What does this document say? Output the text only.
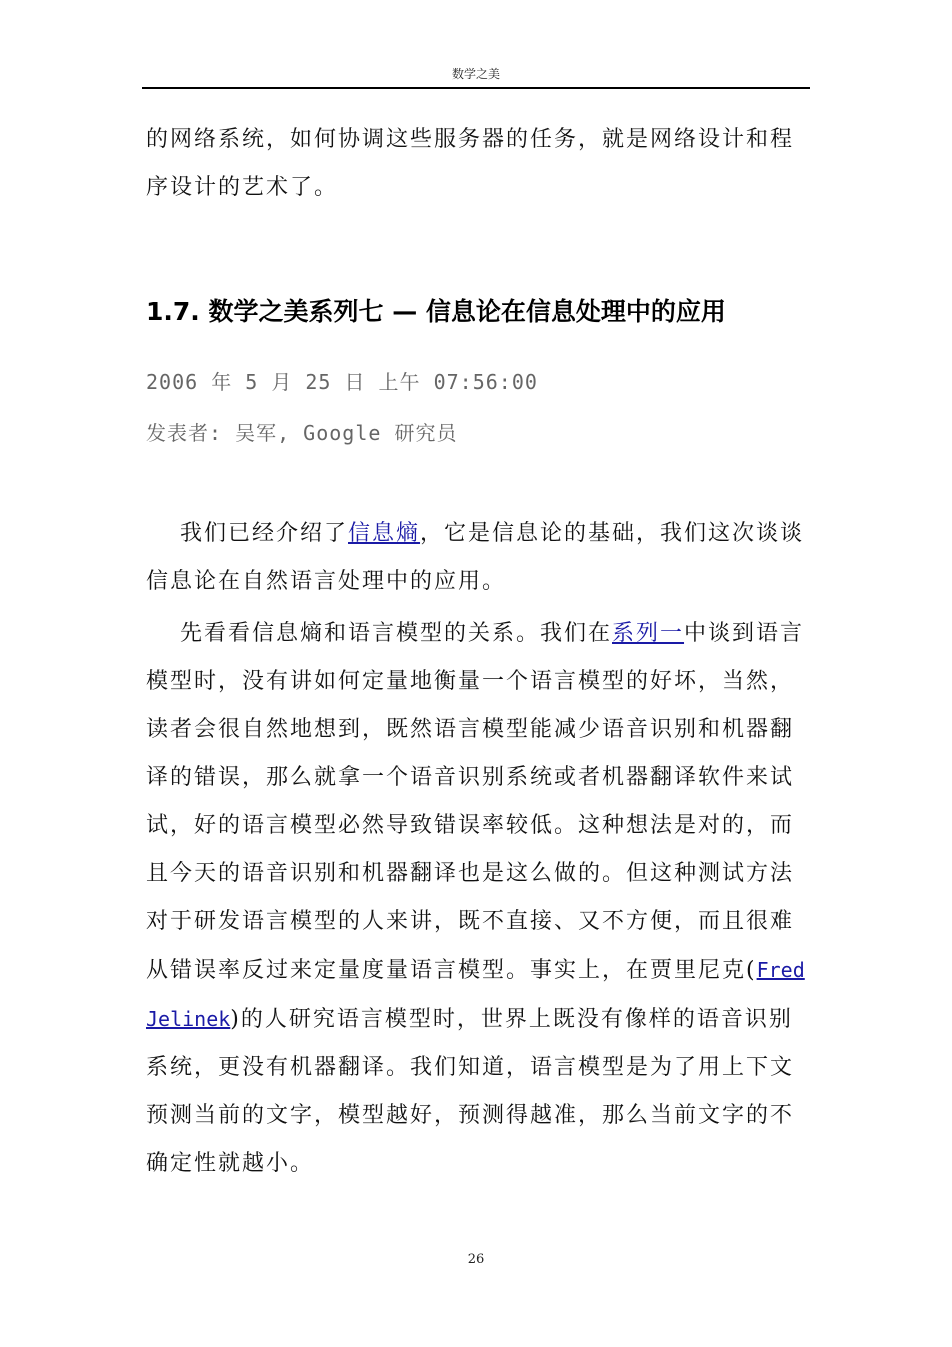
数学之美

的网络系统，如何协调这些服务器的任务，就是网络设计和程序设计的艺术了。

1.7. 数学之美系列七 — 信息论在信息处理中的应用

2006 年 5 月 25 日 上午 07:56:00

发表者: 吴军, Google 研究员

我们已经介绍了信息熵，它是信息论的基础，我们这次谈谈信息论在自然语言处理中的应用。

先看看信息熵和语言模型的关系。我们在系列一中谈到语言模型时，没有讲如何定量地衡量一个语言模型的好坏，当然，读者会很自然地想到，既然语言模型能减少语音识别和机器翻译的错误，那么就拿一个语音识别系统或者机器翻译软件来试试，好的语言模型必然导致错误率较低。这种想法是对的，而且今天的语音识别和机器翻译也是这么做的。但这种测试方法对于研发语言模型的人来讲，既不直接、又不方便，而且很难从错误率反过来定量度量语言模型。事实上，在贾里尼克(Fred Jelinek)的人研究语言模型时，世界上既没有像样的语音识别系统，更没有机器翻译。我们知道，语言模型是为了用上下文预测当前的文字，模型越好，预测得越准，那么当前文字的不确定性就越小。

26
